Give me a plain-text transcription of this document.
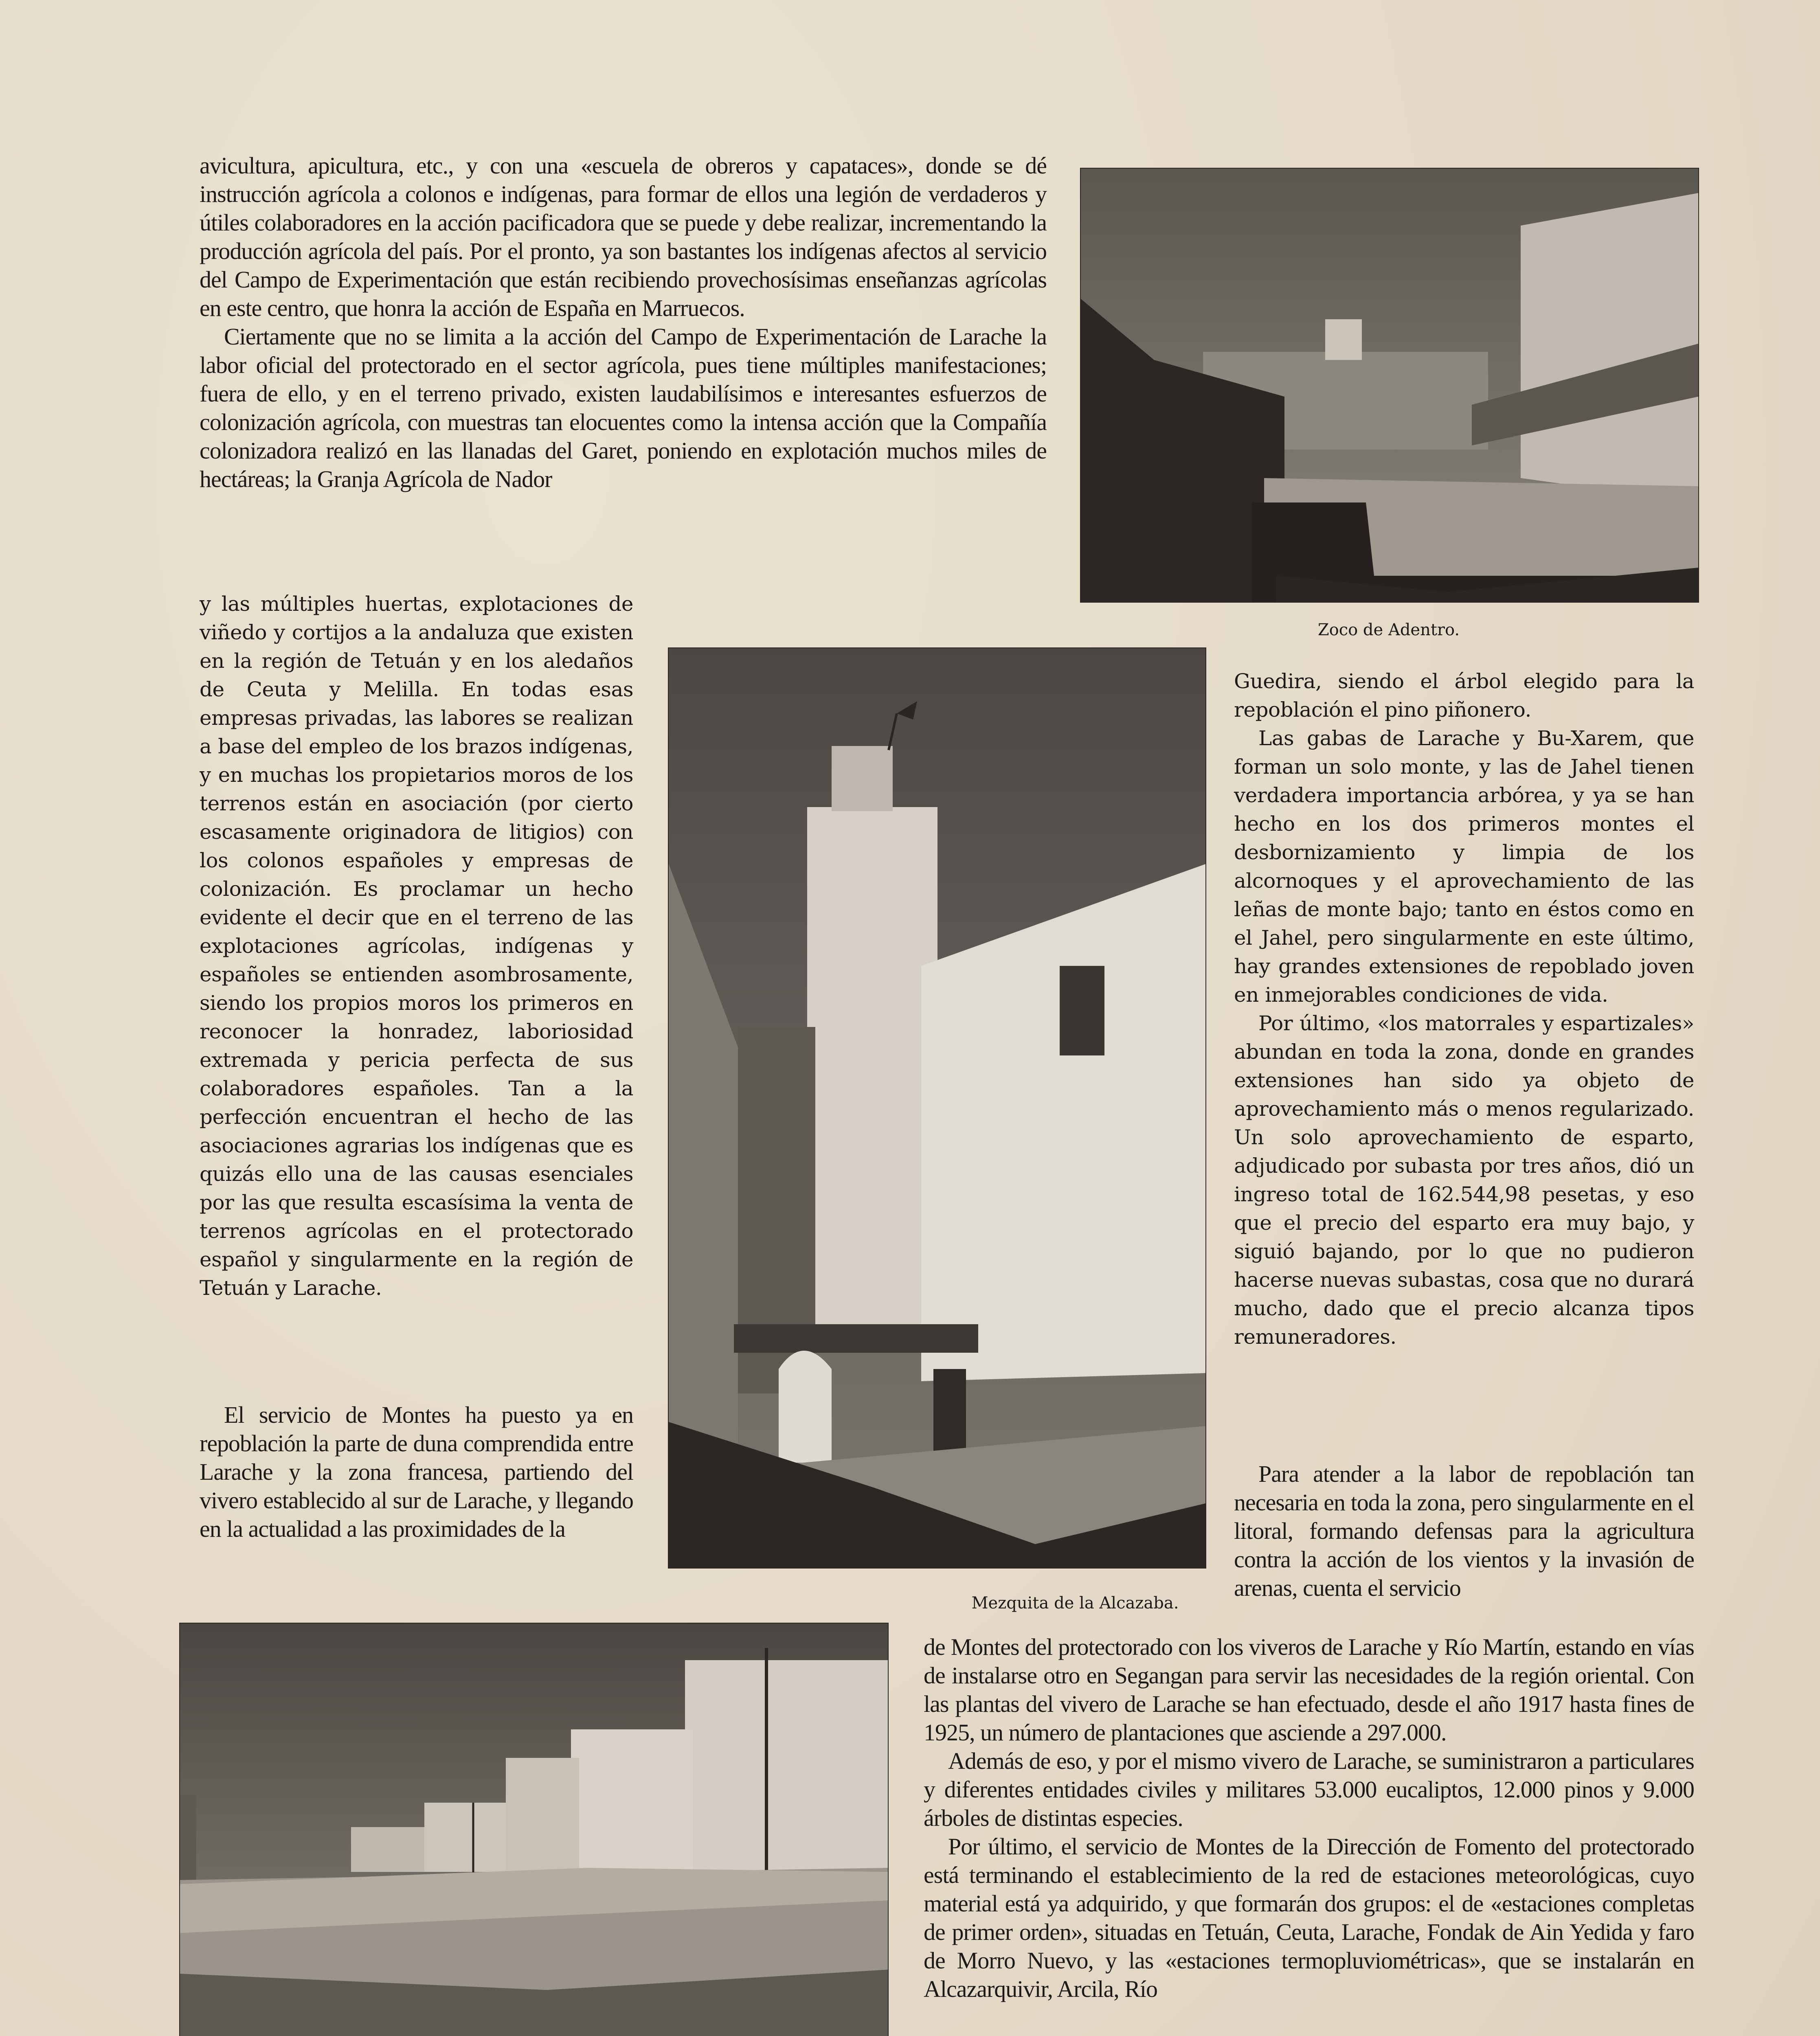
avicultura, apicultura, etc., y con una «escuela de obreros y capataces», donde se dé instrucción agrícola a colonos e indígenas, para formar de ellos una legión de verdaderos y útiles colaboradores en la acción pacificadora que se puede y debe realizar, incrementando la producción agrícola del país. Por el pronto, ya son bastantes los indígenas afectos al servicio del Campo de Experimentación que están recibiendo provechosísimas enseñanzas agrícolas en este centro, que honra la acción de España en Marruecos.

Ciertamente que no se limita a la acción del Campo de Experimentación de Larache la labor oficial del protectorado en el sector agrícola, pues tiene múltiples manifestaciones; fuera de ello, y en el terreno privado, existen laudabilísimos e interesantes esfuerzos de colonización agrícola, con muestras tan elocuentes como la intensa acción que la Compañía colonizadora realizó en las llanadas del Garet, poniendo en explotación muchos miles de hectáreas; la Granja Agrícola de Nador

Zoco de Adentro.
Mezquita de la Alcazaba.

y las múltiples huertas, explotaciones de viñedo y cortijos a la andaluza que existen en la región de Tetuán y en los aledaños de Ceuta y Melilla. En todas esas empresas privadas, las labores se realizan a base del empleo de los brazos indígenas, y en muchas los propietarios moros de los terrenos están en asociación (por cierto escasamente originadora de litigios) con los colonos españoles y empresas de colonización. Es proclamar un hecho evidente el decir que en el terreno de las explotaciones agrícolas, indígenas y españoles se entienden asombrosamente, siendo los propios moros los primeros en reconocer la honradez, laboriosidad extremada y pericia perfecta de sus colaboradores españoles. Tan a la perfección encuentran el hecho de las asociaciones agrarias los indígenas que es quizás ello una de las causas esenciales por las que resulta escasísima la venta de terrenos agrícolas en el protectorado español y singularmente en la región de Tetuán y Larache.

El servicio de Montes ha puesto ya en repoblación la parte de duna comprendida entre Larache y la zona francesa, partiendo del vivero establecido al sur de Larache, y llegando en la actualidad a las proximidades de la

Guedira, siendo el árbol elegido para la repoblación el pino piñonero.

Las gabas de Larache y Bu-Xarem, que forman un solo monte, y las de Jahel tienen verdadera importancia arbórea, y ya se han hecho en los dos primeros montes el desbornizamiento y limpia de los alcornoques y el aprovechamiento de las leñas de monte bajo; tanto en éstos como en el Jahel, pero singularmente en este último, hay grandes extensiones de repoblado joven en inmejorables condiciones de vida.

Por último, «los matorrales y espartizales» abundan en toda la zona, donde en grandes extensiones han sido ya objeto de aprovechamiento más o menos regularizado. Un solo aprovechamiento de esparto, adjudicado por subasta por tres años, dió un ingreso total de 162.544,98 pesetas, y eso que el precio del esparto era muy bajo, y siguió bajando, por lo que no pudieron hacerse nuevas subastas, cosa que no durará mucho, dado que el precio alcanza tipos remuneradores.

Para atender a la labor de repoblación tan necesaria en toda la zona, pero singularmente en el litoral, formando defensas para la agricultura contra la acción de los vientos y la invasión de arenas, cuenta el servicio

de Montes del protectorado con los viveros de Larache y Río Martín, estando en vías de instalarse otro en Segangan para servir las necesidades de la región oriental. Con las plantas del vivero de Larache se han efectuado, desde el año 1917 hasta fines de 1925, un número de plantaciones que asciende a 297.000.

Además de eso, y por el mismo vivero de Larache, se suministraron a particulares y diferentes entidades civiles y militares 53.000 eucaliptos, 12.000 pinos y 9.000 árboles de distintas especies.

Por último, el servicio de Montes de la Dirección de Fomento del protectorado está terminando el establecimiento de la red de estaciones meteorológicas, cuyo material está ya adquirido, y que formarán dos grupos: el de «estaciones completas de primer orden», situadas en Tetuán, Ceuta, Larache, Fondak de Ain Yedida y faro de Morro Nuevo, y las «estaciones termopluviométricas», que se instalarán en Alcazarquivir, Arcila, Río
